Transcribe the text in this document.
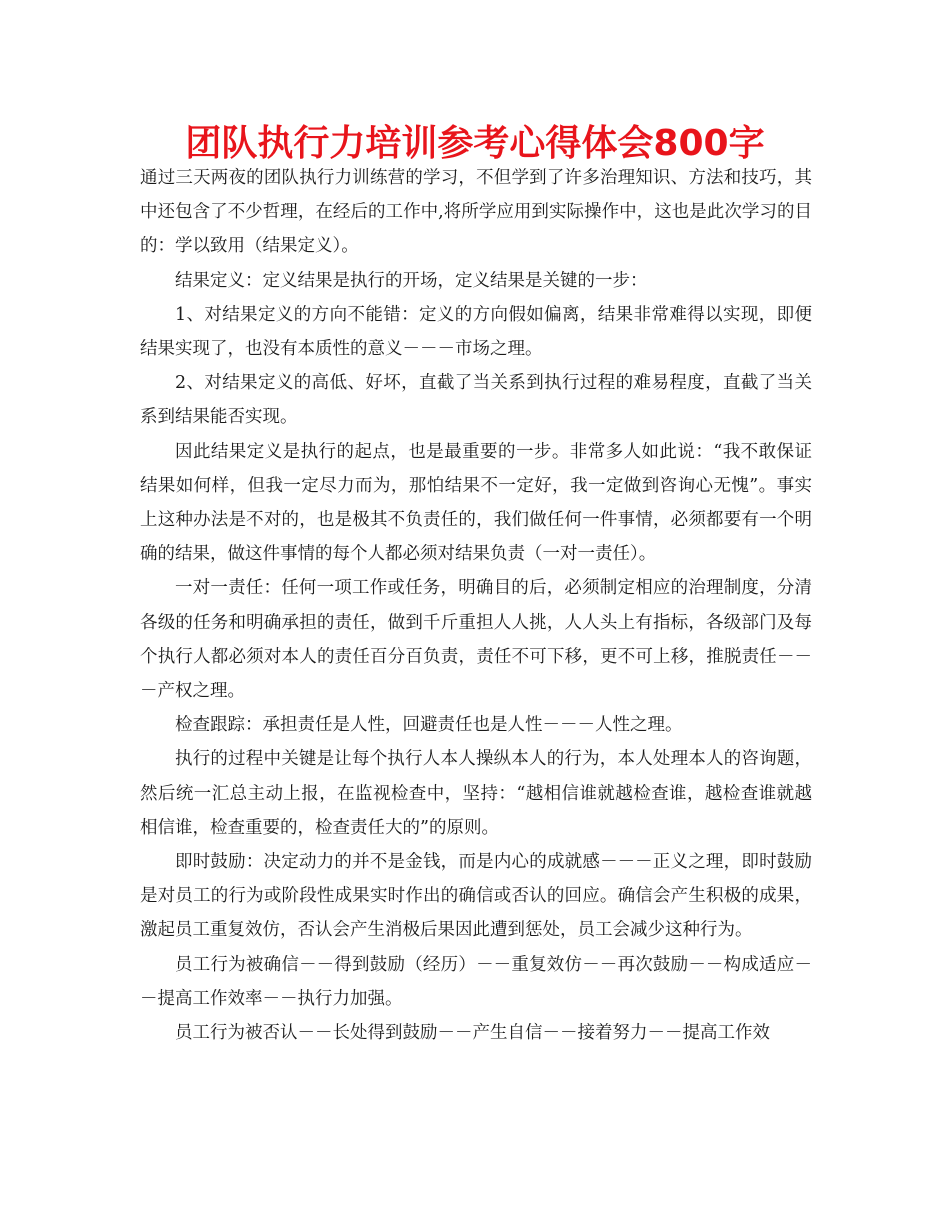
团队执行力培训参考心得体会800字

通过三天两夜的团队执行力训练营的学习，不但学到了许多治理知识、方法和技巧，其中还包含了不少哲理，在经后的工作中,将所学应用到实际操作中，这也是此次学习的目的：学以致用（结果定义）。

结果定义：定义结果是执行的开场，定义结果是关键的一步：

1、对结果定义的方向不能错：定义的方向假如偏离，结果非常难得以实现，即便结果实现了，也没有本质性的意义－－－市场之理。

2、对结果定义的高低、好坏，直截了当关系到执行过程的难易程度，直截了当关系到结果能否实现。

因此结果定义是执行的起点，也是最重要的一步。非常多人如此说：“我不敢保证结果如何样，但我一定尽力而为，那怕结果不一定好，我一定做到咨询心无愧”。事实上这种办法是不对的，也是极其不负责任的，我们做任何一件事情，必须都要有一个明确的结果，做这件事情的每个人都必须对结果负责（一对一责任）。

一对一责任：任何一项工作或任务，明确目的后，必须制定相应的治理制度，分清各级的任务和明确承担的责任，做到千斤重担人人挑，人人头上有指标，各级部门及每个执行人都必须对本人的责任百分百负责，责任不可下移，更不可上移，推脱责任－－－产权之理。

检查跟踪：承担责任是人性，回避责任也是人性－－－人性之理。

执行的过程中关键是让每个执行人本人操纵本人的行为，本人处理本人的咨询题，然后统一汇总主动上报，在监视检查中，坚持：“越相信谁就越检查谁，越检查谁就越相信谁，检查重要的，检查责任大的”的原则。

即时鼓励：决定动力的并不是金钱，而是内心的成就感－－－正义之理，即时鼓励是对员工的行为或阶段性成果实时作出的确信或否认的回应。确信会产生积极的成果，激起员工重复效仿，否认会产生消极后果因此遭到惩处，员工会减少这种行为。

员工行为被确信－－得到鼓励（经历）－－重复效仿－－再次鼓励－－构成适应－－提高工作效率－－执行力加强。

员工行为被否认－－长处得到鼓励－－产生自信－－接着努力－－提高工作效
